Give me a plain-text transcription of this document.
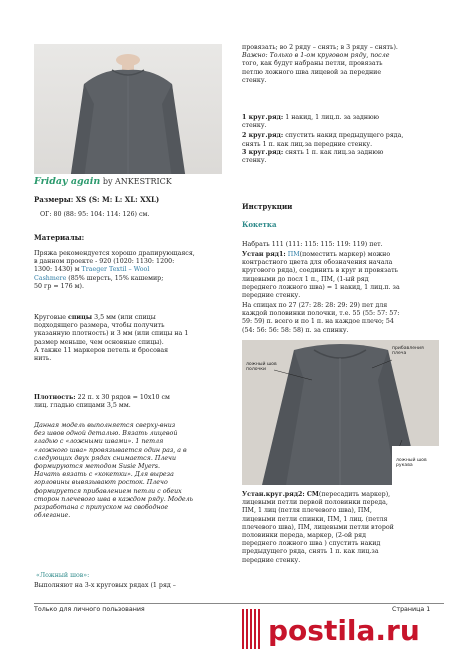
Friday again by ANKESTRICK

Размеры: XS (S: M: L: XL: XXL)

ОГ: 80 (88: 95: 104: 114: 126) см.

Материалы:

Пряжа рекомендуется хорошо драпирующаяся,

в данном проекте - 920 (1020: 1130: 1200:

1300: 1430) м Traeger Textil – Wool

Cashmere (85% шерсть, 15% кашемир;

50 гр = 176 м).

Круговые спицы 3,5 мм (или спицы

подходящего размера, чтобы получить

указанную плотность) и 3 мм (или спицы на 1

размер меньше, чем основные спицы).

А также 11 маркеров петель и бросовая

нить.

Плотность: 22 п. х 30 рядов = 10x10 см

лиц. гладью спицами 3,5 мм.

Данная модель выполняется сверху-вниз

без швов одной деталью. Вязать лицевой

гладью с «ложными швами». 1 петля

«ложного шва» провязывается один раз, а в

следующих двух рядах снимается. Плечи

формируются методом Susie Myers.

Начать вязать с «кокетки». Для выреза

горловины вывязывают росток. Плечо

формируется прибавлением петли с обеих

сторон плечевого шва в каждом ряду. Модель

разработана с припуском на свободное

облегание.

«Ложный шов»:

Выполняют на 3-х круговых рядах (1 ряд –

провязать; во 2 ряду – снять; в 3 ряду – снять).

Важно: Только в 1-ом круговом ряду, после

того, как будут набраны петли, провязать

петлю ложного шва лицевой за передние

стенку.

1 круг.ряд: 1 накид, 1 лиц.п. за заднюю

стенку.

2 круг.ряд: спустить накид предыдущего ряда,

снять 1 п. как лиц.за передние стенку.

3 круг.ряд: снять 1 п. как лиц.за заднюю

стенку.

Инструкции

Кокетка

Набрать 111 (111: 115: 115: 119: 119) пет.

Устан ряд1: ПМ(поместить маркер) можно

контрастного цвета для обозначения начала

кругового ряда), соединить в круг и провязать

лицевыми до посл 1 п., ПМ, (1-ый ряд

переднего ложного шва) = 1 накид, 1 лиц.п. за

передние стенку.

На спицах по 27 (27: 28: 28: 29: 29) пет для

каждой половинки полочки, т.е. 55 (55: 57: 57:

59: 59) п. всего и по 1 п. на каждое плечо; 54

(54: 56: 56: 58: 58) п. за спинку.

ложный шов
полочки
прибавления
плеча
ложный шов
рукава

Устан.круг.ряд2: СМ(пересадить маркер),

лицевыми петли первой половинки переда,

ПМ, 1 лиц (петля плечевого шва), ПМ,

лицевыми петли спинки, ПМ, 1 лиц. (петля

плечевого шва), ПМ, лицевыми петли второй

половинки переда, маркер, (2-ой ряд

переднего ложного шва ) спустить накид

предыдущего ряда, снять 1 п. как лиц.за

передние стенку.

Только для личного пользования	Страница 1
postila.ru
